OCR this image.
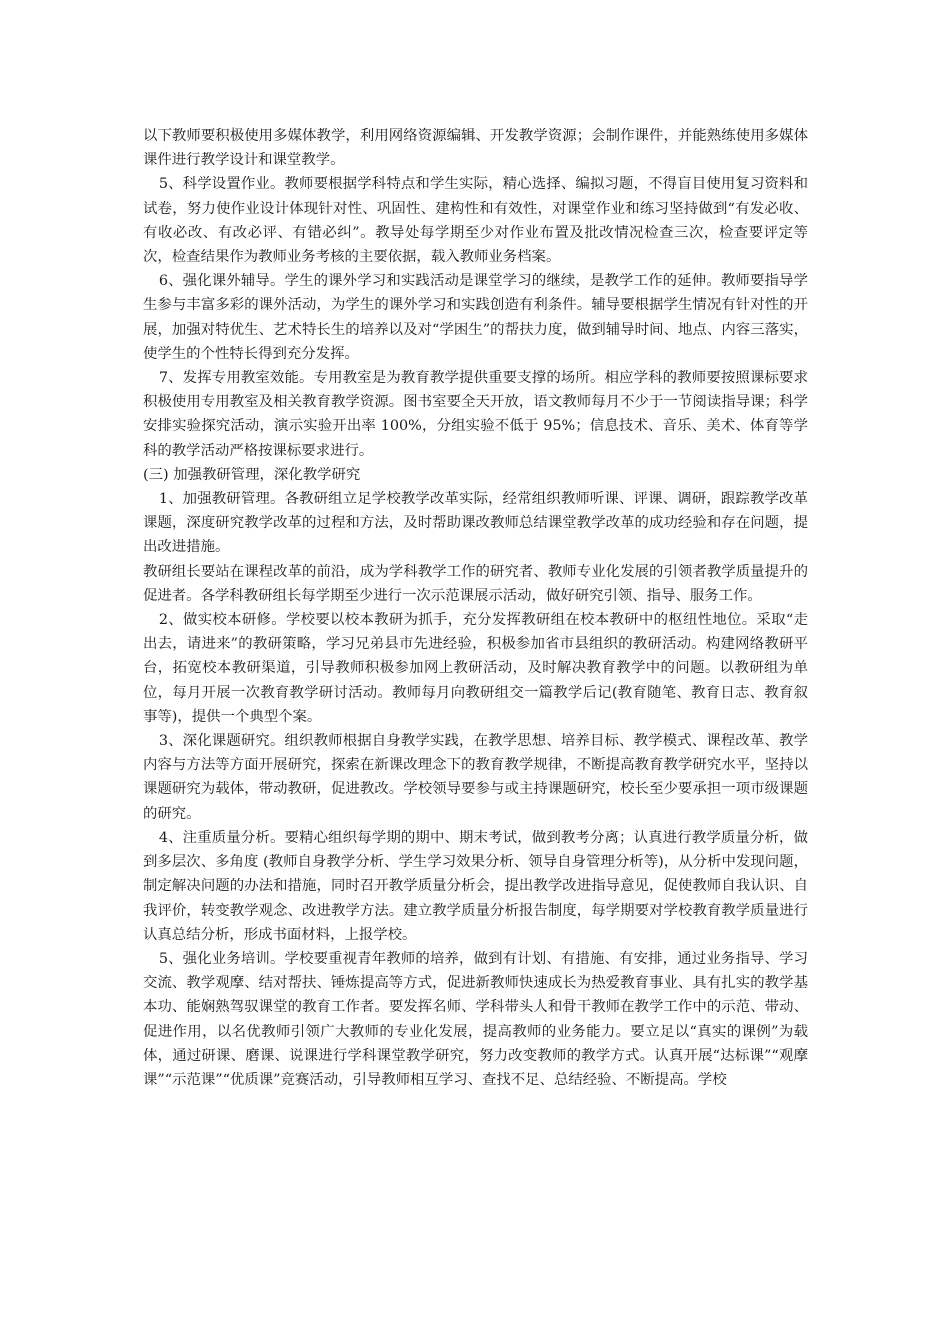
以下教师要积极使用多媒体教学，利用网络资源编辑、开发教学资源；会制作课件，并能熟练使用多媒体课件进行教学设计和课堂教学。

5、科学设置作业。教师要根据学科特点和学生实际，精心选择、编拟习题，不得盲目使用复习资料和试卷，努力使作业设计体现针对性、巩固性、建构性和有效性，对课堂作业和练习坚持做到“有发必收、有收必改、有改必评、有错必纠”。教导处每学期至少对作业布置及批改情况检查三次，检查要评定等次，检查结果作为教师业务考核的主要依据，载入教师业务档案。

6、强化课外辅导。学生的课外学习和实践活动是课堂学习的继续，是教学工作的延伸。教师要指导学生参与丰富多彩的课外活动，为学生的课外学习和实践创造有利条件。辅导要根据学生情况有针对性的开展，加强对特优生、艺术特长生的培养以及对“学困生”的帮扶力度，做到辅导时间、地点、内容三落实，使学生的个性特长得到充分发挥。

7、发挥专用教室效能。专用教室是为教育教学提供重要支撑的场所。相应学科的教师要按照课标要求积极使用专用教室及相关教育教学资源。图书室要全天开放，语文教师每月不少于一节阅读指导课；科学安排实验探究活动，演示实验开出率 100%，分组实验不低于 95%；信息技术、音乐、美术、体育等学科的教学活动严格按课标要求进行。

(三) 加强教研管理，深化教学研究

1、加强教研管理。各教研组立足学校教学改革实际，经常组织教师听课、评课、调研，跟踪教学改革课题，深度研究教学改革的过程和方法，及时帮助课改教师总结课堂教学改革的成功经验和存在问题，提出改进措施。

教研组长要站在课程改革的前沿，成为学科教学工作的研究者、教师专业化发展的引领者教学质量提升的促进者。各学科教研组长每学期至少进行一次示范课展示活动，做好研究引领、指导、服务工作。

2、做实校本研修。学校要以校本教研为抓手，充分发挥教研组在校本教研中的枢纽性地位。采取“走出去，请进来”的教研策略，学习兄弟县市先进经验，积极参加省市县组织的教研活动。构建网络教研平台，拓宽校本教研渠道，引导教师积极参加网上教研活动，及时解决教育教学中的问题。以教研组为单位，每月开展一次教育教学研讨活动。教师每月向教研组交一篇教学后记(教育随笔、教育日志、教育叙事等)，提供一个典型个案。

3、深化课题研究。组织教师根据自身教学实践，在教学思想、培养目标、教学模式、课程改革、教学内容与方法等方面开展研究，探索在新课改理念下的教育教学规律，不断提高教育教学研究水平，坚持以课题研究为载体，带动教研，促进教改。学校领导要参与或主持课题研究，校长至少要承担一项市级课题的研究。

4、注重质量分析。要精心组织每学期的期中、期末考试，做到教考分离；认真进行教学质量分析，做到多层次、多角度 (教师自身教学分析、学生学习效果分析、领导自身管理分析等)，从分析中发现问题，制定解决问题的办法和措施，同时召开教学质量分析会，提出教学改进指导意见，促使教师自我认识、自我评价，转变教学观念、改进教学方法。建立教学质量分析报告制度，每学期要对学校教育教学质量进行认真总结分析，形成书面材料，上报学校。

5、强化业务培训。学校要重视青年教师的培养，做到有计划、有措施、有安排，通过业务指导、学习交流、教学观摩、结对帮扶、锤炼提高等方式，促进新教师快速成长为热爱教育事业、具有扎实的教学基本功、能娴熟驾驭课堂的教育工作者。要发挥名师、学科带头人和骨干教师在教学工作中的示范、带动、促进作用，以名优教师引领广大教师的专业化发展，提高教师的业务能力。要立足以“真实的课例”为载体，通过研课、磨课、说课进行学科课堂教学研究，努力改变教师的教学方式。认真开展“达标课”“观摩课”“示范课”“优质课”竞赛活动，引导教师相互学习、查找不足、总结经验、不断提高。学校
